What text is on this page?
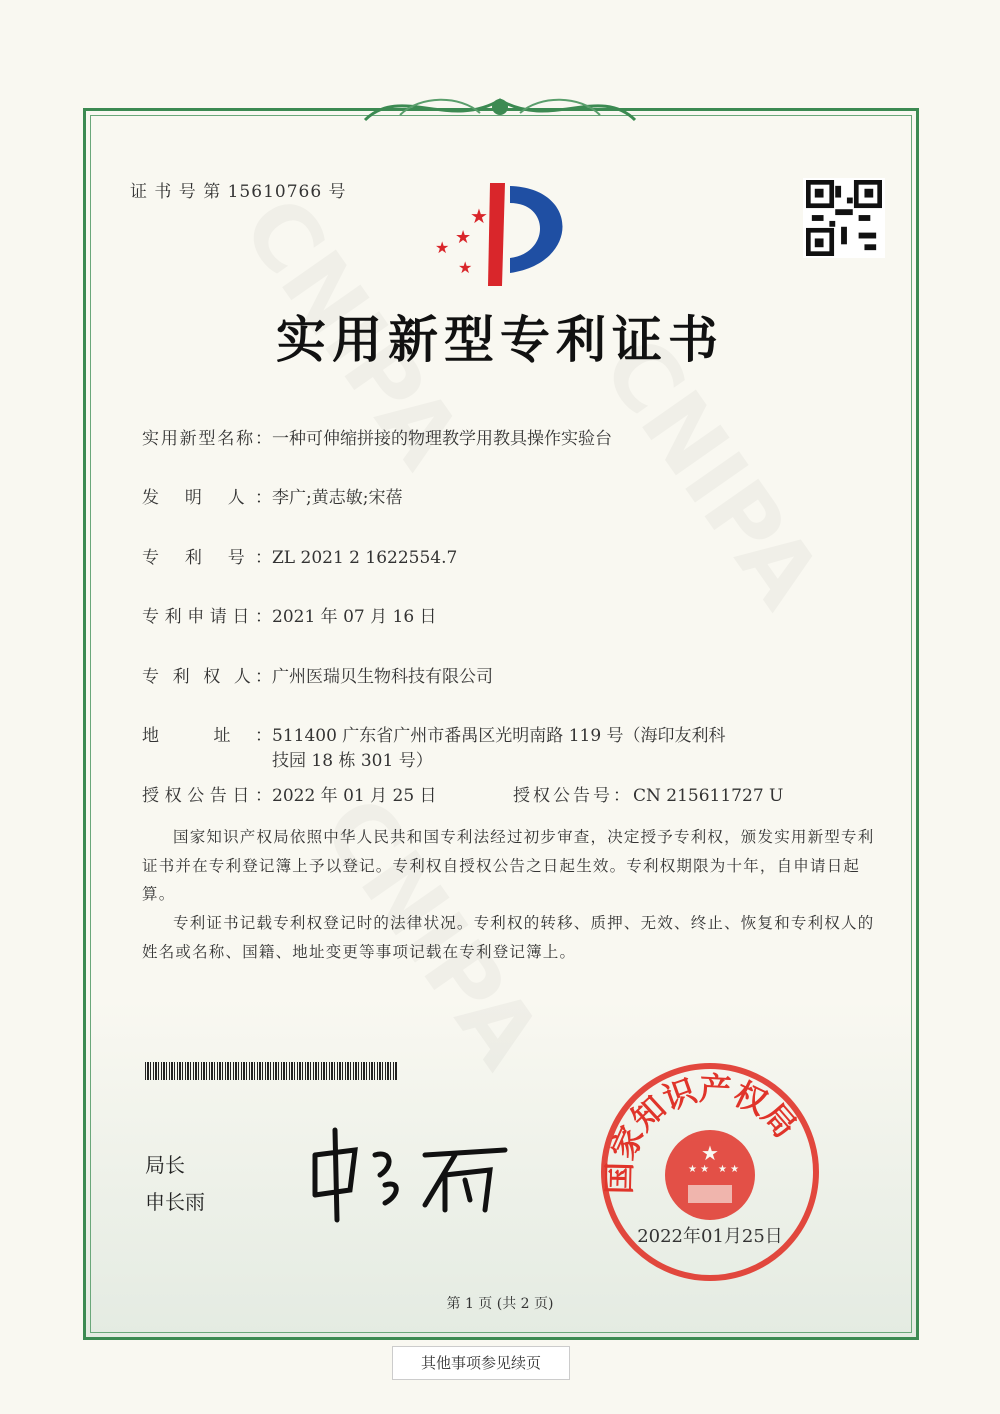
证 书 号 第 15610766 号
★
★
★
★
实用新型专利证书
实用新型名称：一种可伸缩拼接的物理教学用教具操作实验台
发 明 人：李广;黄志敏;宋蓓
专 利 号：ZL 2021 2 1622554.7
专利申请日：2021 年 07 月 16 日
专 利 权 人：广州医瑞贝生物科技有限公司
地 址：511400 广东省广州市番禺区光明南路 119 号（海印友利科
技园 18 栋 301 号）
授权公告日：2022 年 01 月 25 日	授权公告号：CN 215611727 U
国家知识产权局依照中华人民共和国专利法经过初步审查，决定授予专利权，颁发实用新型专利证书并在专利登记簿上予以登记。专利权自授权公告之日起生效。专利权期限为十年，自申请日起算。
专利证书记载专利权登记时的法律状况。专利权的转移、质押、无效、终止、恢复和专利权人的姓名或名称、国籍、地址变更等事项记载在专利登记簿上。
局长
申长雨
国家知识产权局
★
★ ★ ★ ★
2022年01月25日
第 1 页 (共 2 页)
其他事项参见续页
